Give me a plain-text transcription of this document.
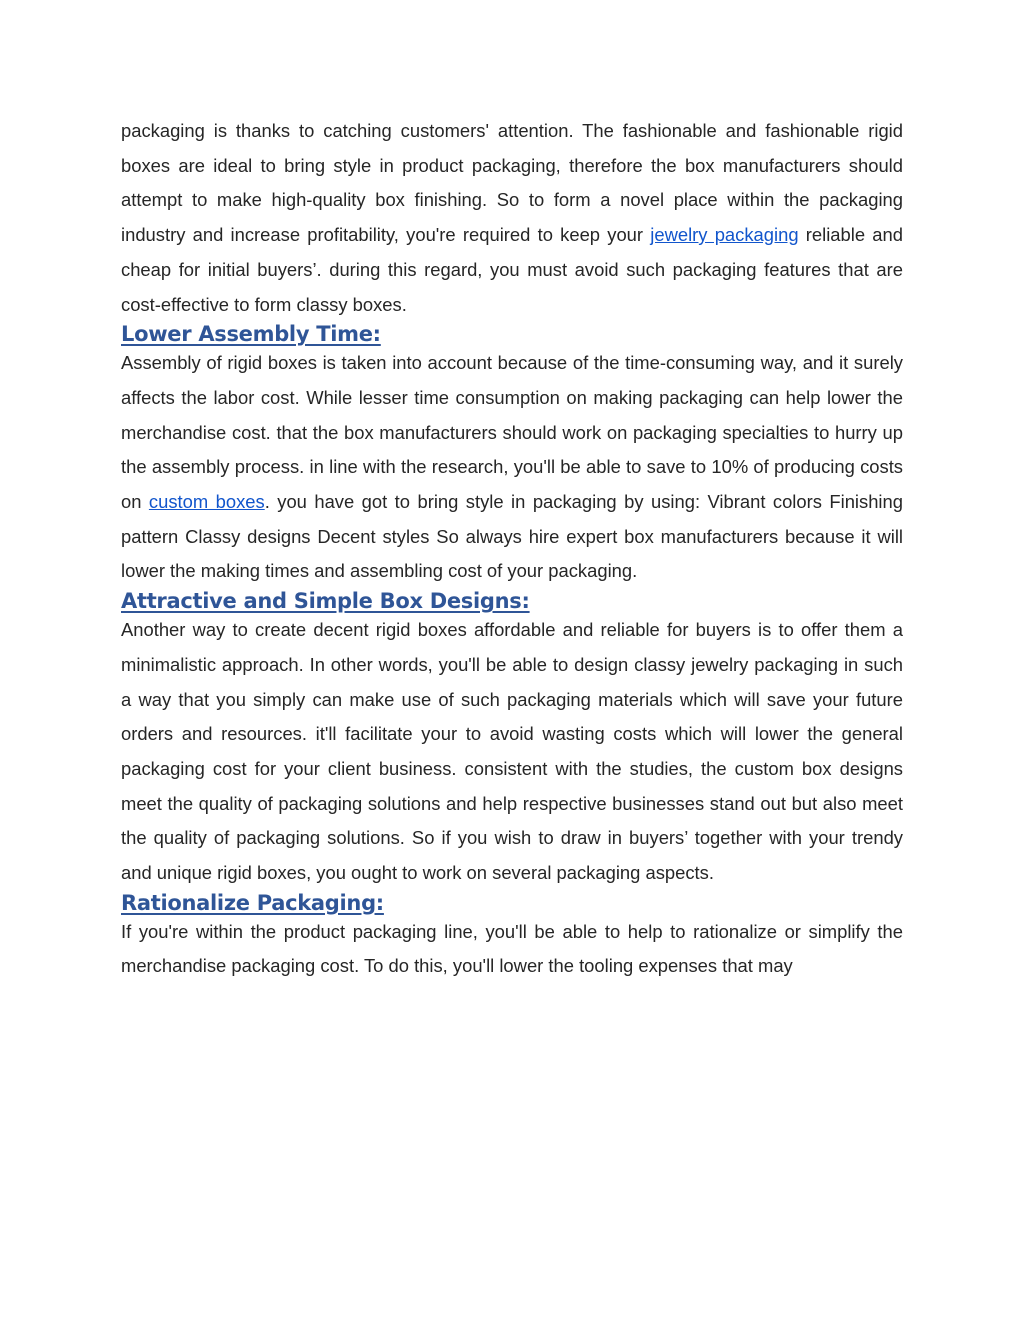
packaging is thanks to catching customers' attention. The fashionable and fashionable rigid boxes are ideal to bring style in product packaging, therefore the box manufacturers should attempt to make high-quality box finishing. So to form a novel place within the packaging industry and increase profitability, you're required to keep your jewelry packaging reliable and cheap for initial buyers’. during this regard, you must avoid such packaging features that are cost-effective to form classy boxes.

Lower Assembly Time:

Assembly of rigid boxes is taken into account because of the time-consuming way, and it surely affects the labor cost. While lesser time consumption on making packaging can help lower the merchandise cost. that the box manufacturers should work on packaging specialties to hurry up the assembly process. in line with the research, you'll be able to save to 10% of producing costs on custom boxes. you have got to bring style in packaging by using: Vibrant colors Finishing pattern Classy designs Decent styles So always hire expert box manufacturers because it will lower the making times and assembling cost of your packaging.

Attractive and Simple Box Designs:

Another way to create decent rigid boxes affordable and reliable for buyers is to offer them a minimalistic approach. In other words, you'll be able to design classy jewelry packaging in such a way that you simply can make use of such packaging materials which will save your future orders and resources. it'll facilitate your to avoid wasting costs which will lower the general packaging cost for your client business. consistent with the studies, the custom box designs meet the quality of packaging solutions and help respective businesses stand out but also meet the quality of packaging solutions. So if you wish to draw in buyers’ together with your trendy and unique rigid boxes, you ought to work on several packaging aspects.

Rationalize Packaging:

If you're within the product packaging line, you'll be able to help to rationalize or simplify the merchandise packaging cost. To do this, you'll lower the tooling expenses that may
